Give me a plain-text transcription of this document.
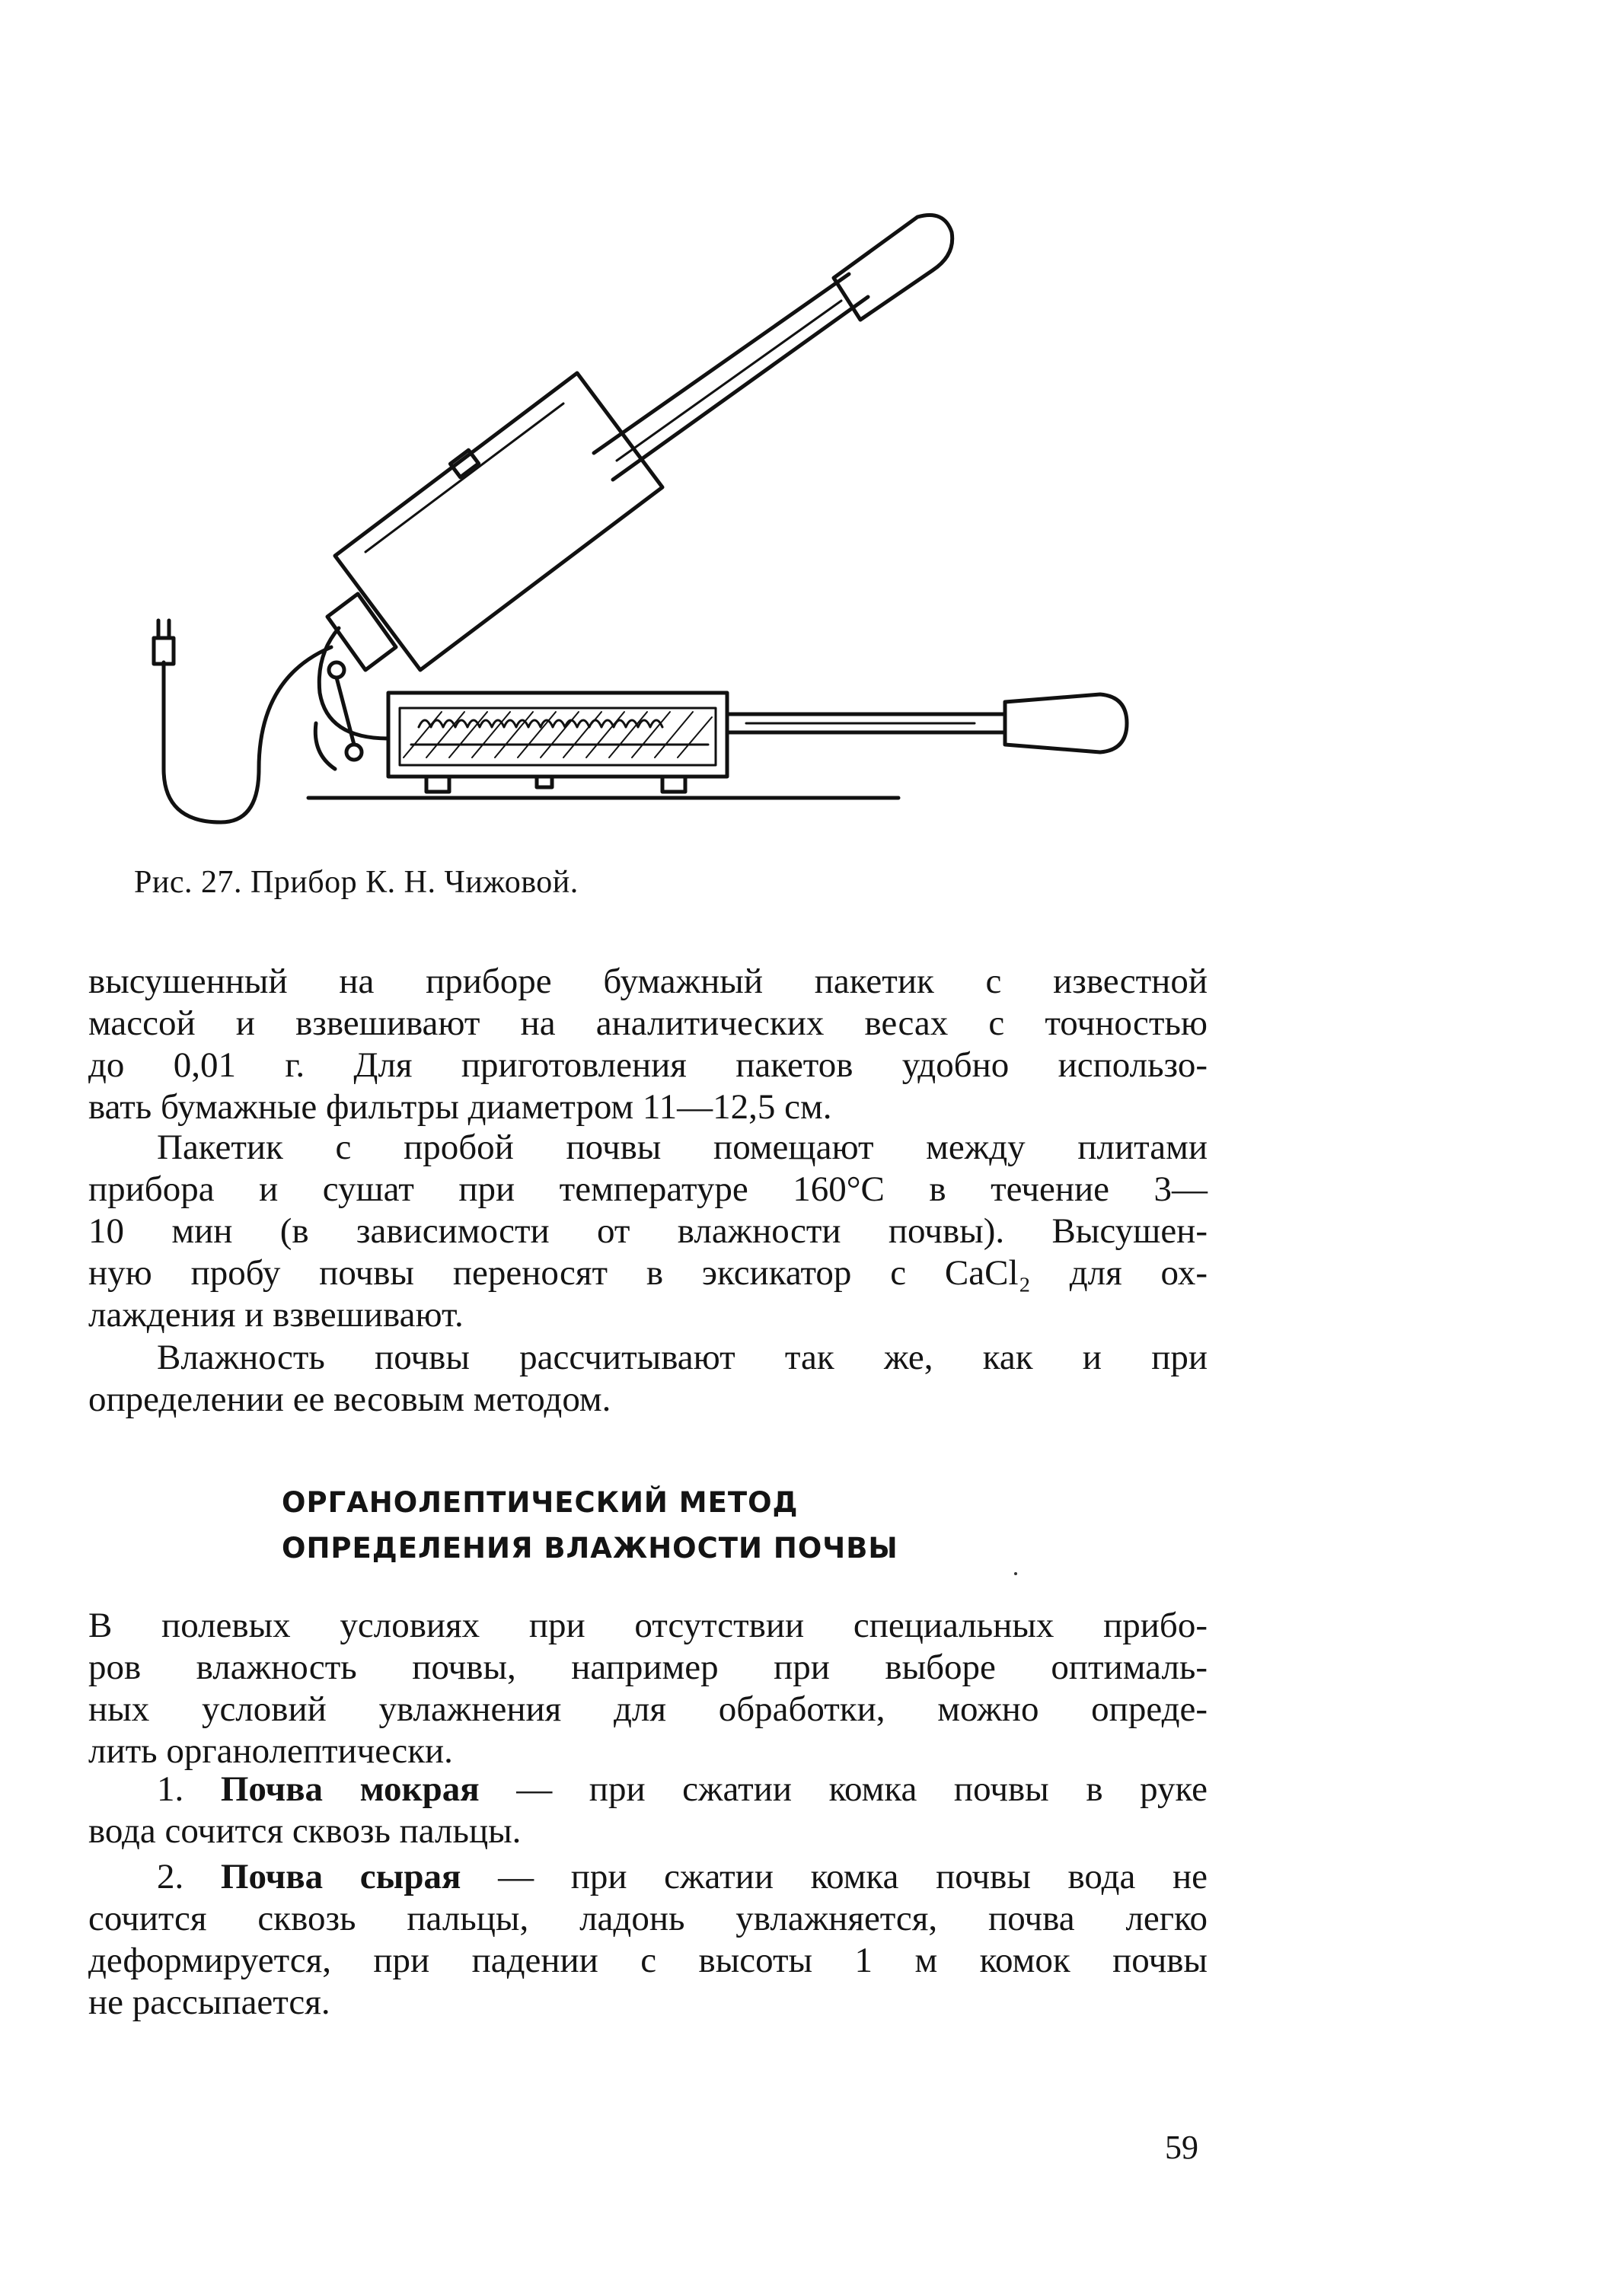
Рис. 27. Прибор К. Н. Чижовой.
высушенный на приборе бумажный пакетик с известной
массой и взвешивают на аналитических весах с точностью
до 0,01 г. Для приготовления пакетов удобно использо-
вать бумажные фильтры диаметром 11—12,5 см.
Пакетик с пробой почвы помещают между плитами
прибора и сушат при температуре 160°С в течение 3—
10 мин (в зависимости от влажности почвы). Высушен-
ную пробу почвы переносят в эксикатор с CaCl₂ для ох-
лаждения и взвешивают.
Влажность почвы рассчитывают так же, как и при
определении ее весовым методом.
ОРГАНОЛЕПТИЧЕСКИЙ МЕТОД
ОПРЕДЕЛЕНИЯ ВЛАЖНОСТИ ПОЧВЫ
В полевых условиях при отсутствии специальных прибо-
ров влажность почвы, например при выборе оптималь-
ных условий увлажнения для обработки, можно опреде-
лить органолептически.
1. Почва мокрая — при сжатии комка почвы в руке
вода сочится сквозь пальцы.
2. Почва сырая — при сжатии комка почвы вода не
сочится сквозь пальцы, ладонь увлажняется, почва легко
деформируется, при падении с высоты 1 м комок почвы
не рассыпается.
59
